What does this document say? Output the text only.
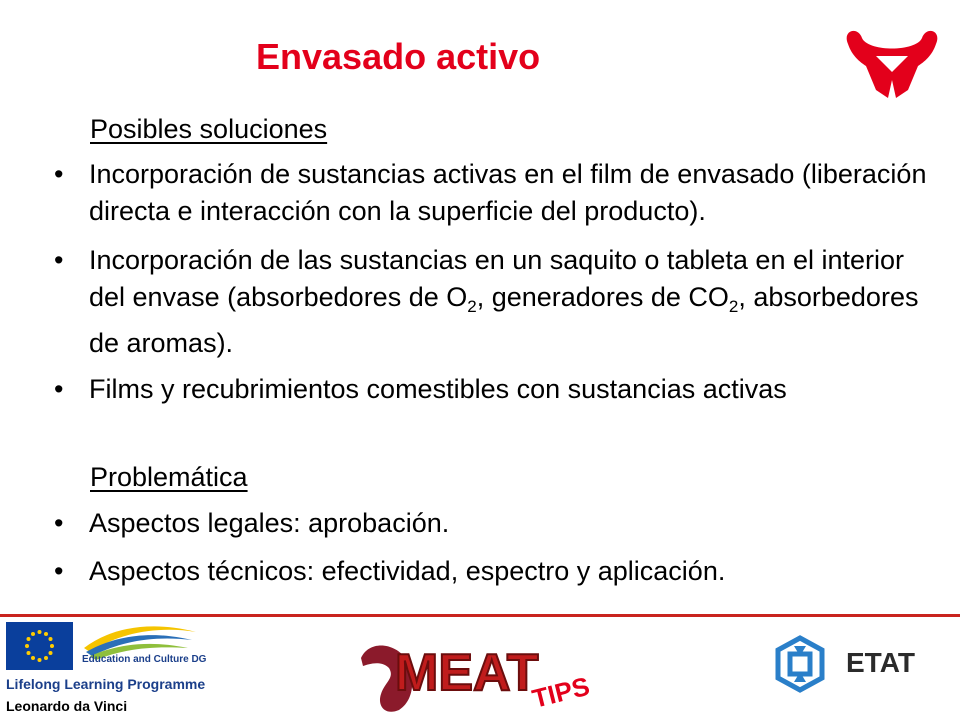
Envasado activo
Posibles soluciones
• Incorporación de sustancias activas en el film de envasado (liberación directa e interacción con la superficie del producto).
• Incorporación de las sustancias en un saquito o tableta en el interior del envase (absorbedores de $O_2$, generadores de $CO_2$, absorbedores de aromas).
• Films y recubrimientos comestibles con sustancias activas
Problemática
• Aspectos legales: aprobación.
• Aspectos técnicos: efectividad, espectro y aplicación.
Education and Culture DG
Lifelong Learning Programme
Leonardo da Vinci
MEAT
TIPS
ETAT
